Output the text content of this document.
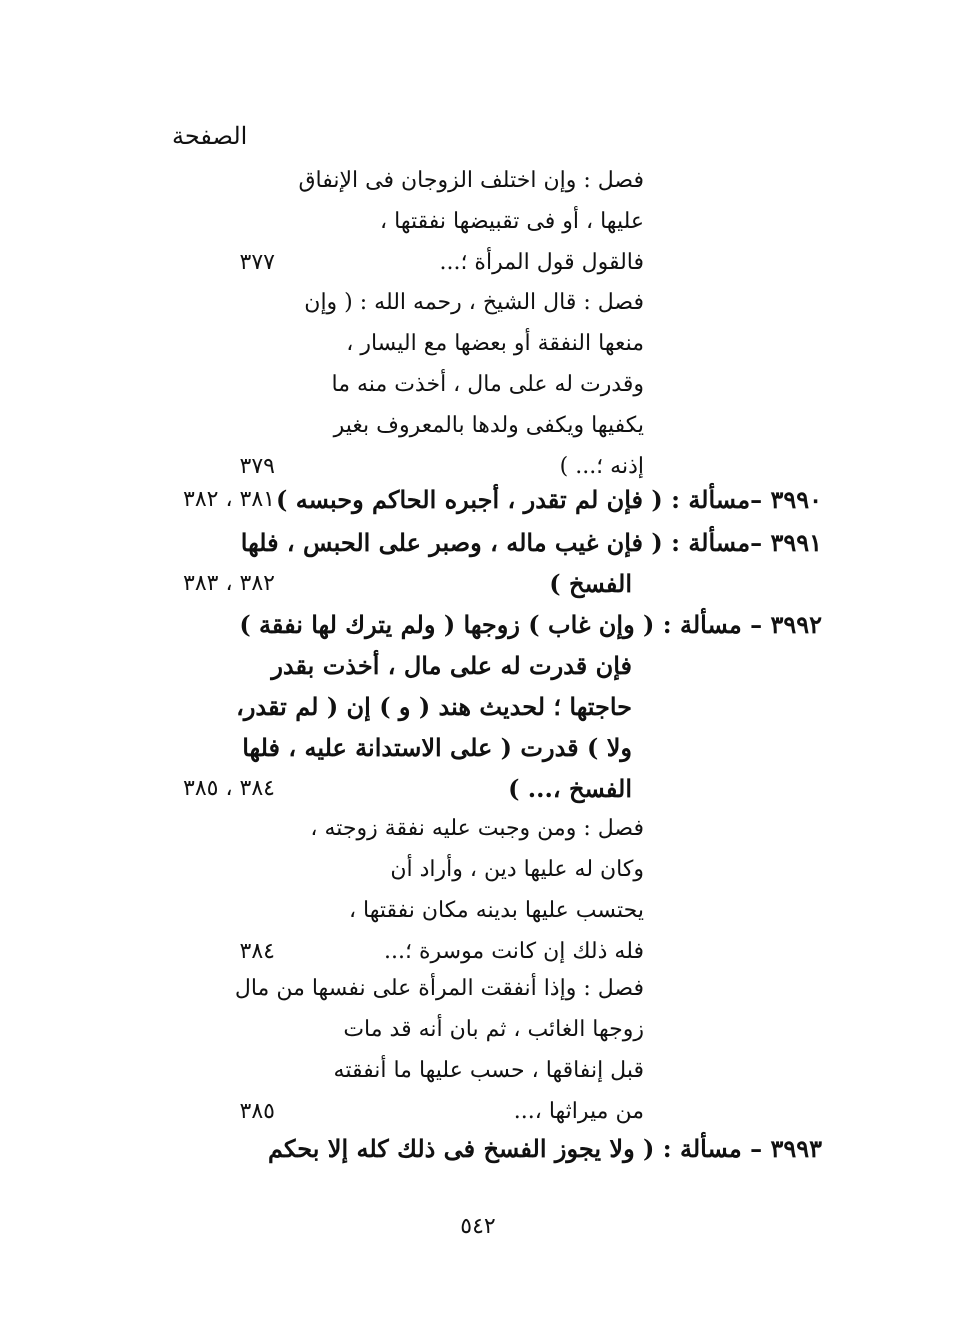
الصفحة
فصل : وإن اختلف الزوجان فى الإنفاق
عليها ، أو فى تقبيضها نفقتها ،
فالقول قول المرأة ؛...
٣٧٧
فصل : قال الشيخ ، رحمه الله : ( وإن
منعها النفقة أو بعضها مع اليسار ،
وقدرت له على مال ، أخذت منه ما
يكفيها ويكفى ولدها بالمعروف بغير
إذنه ؛... )
٣٧٩
٣٩٩٠ –مسألة : ( فإن لم تقدر ، أجبره الحاكم وحبسه )
٣٨١ ، ٣٨٢
٣٩٩١ –مسألة : ( فإن غيب ماله ، وصبر على الحبس ، فلها
الفسخ )
٣٨٢ ، ٣٨٣
٣٩٩٢ – مسألة : ( وإن غاب ) زوجها ( ولم يترك لها نفقة )
فإن قدرت له على مال ، أخذت بقدر
حاجتها ؛ لحديث هند ( و ) إن ( لم تقدر،
ولا ) قدرت ( على الاستدانة عليه ، فلها
الفسخ ،... )
٣٨٤ ، ٣٨٥
فصل : ومن وجبت عليه نفقة زوجته ،
وكان له عليها دين ، وأراد أن
يحتسب عليها بدينه مكان نفقتها ،
فله ذلك إن كانت موسرة ؛...
٣٨٤
فصل : وإذا أنفقت المرأة على نفسها من مال
زوجها الغائب ، ثم بان أنه قد مات
قبل إنفاقها ، حسب عليها ما أنفقته
من ميراثها ،...
٣٨٥
٣٩٩٣ – مسألة : ( ولا يجوز الفسخ فى ذلك كله إلا بحكم
٥٤٢
